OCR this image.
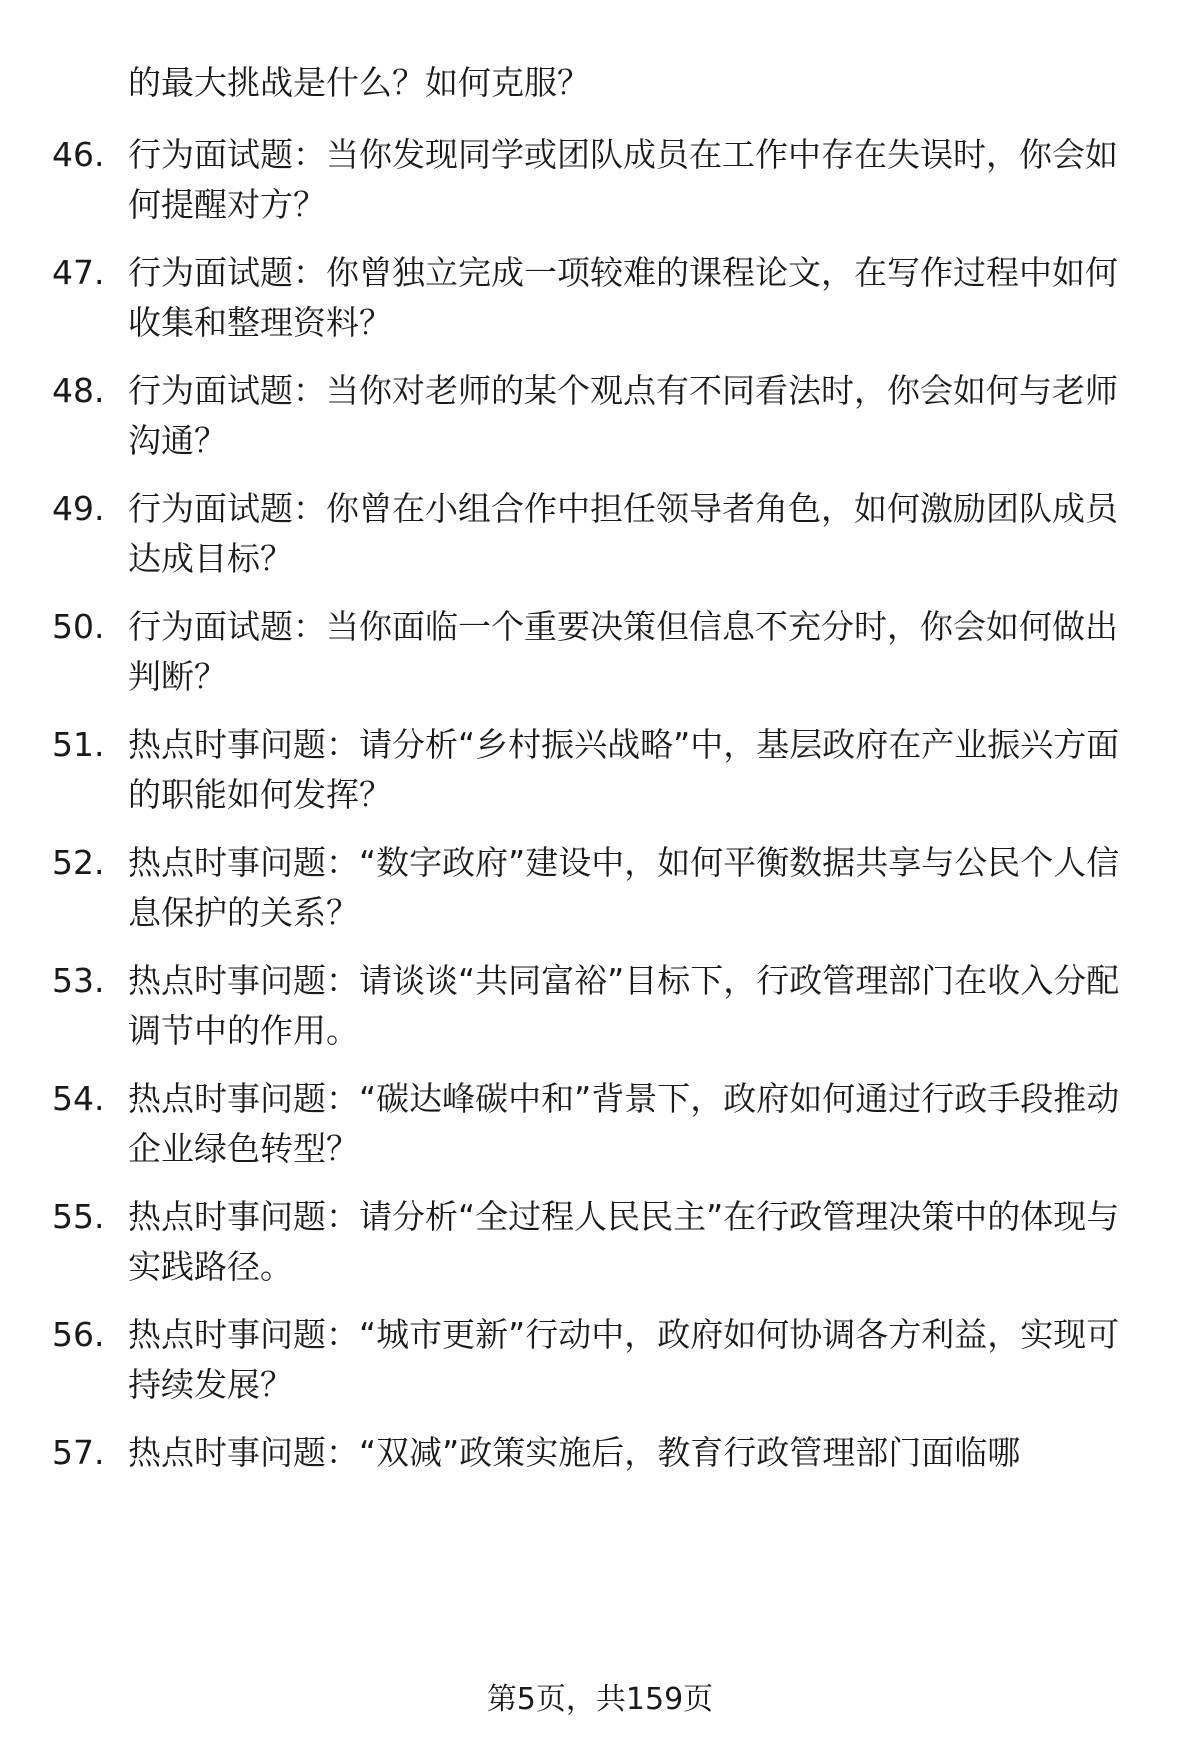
的最大挑战是什么？如何克服？
46. 行为面试题：当你发现同学或团队成员在工作中存在失误时，你会如何提醒对方？
47. 行为面试题：你曾独立完成一项较难的课程论文，在写作过程中如何收集和整理资料？
48. 行为面试题：当你对老师的某个观点有不同看法时，你会如何与老师沟通？
49. 行为面试题：你曾在小组合作中担任领导者角色，如何激励团队成员达成目标？
50. 行为面试题：当你面临一个重要决策但信息不充分时，你会如何做出判断？
51. 热点时事问题：请分析“乡村振兴战略”中，基层政府在产业振兴方面的职能如何发挥？
52. 热点时事问题：“数字政府”建设中，如何平衡数据共享与公民个人信息保护的关系？
53. 热点时事问题：请谈谈“共同富裕”目标下，行政管理部门在收入分配调节中的作用。
54. 热点时事问题：“碳达峰碳中和”背景下，政府如何通过行政手段推动企业绿色转型？
55. 热点时事问题：请分析“全过程人民民主”在行政管理决策中的体现与实践路径。
56. 热点时事问题：“城市更新”行动中，政府如何协调各方利益，实现可持续发展？
57. 热点时事问题：“双减”政策实施后，教育行政管理部门面临哪
第5页，共159页
